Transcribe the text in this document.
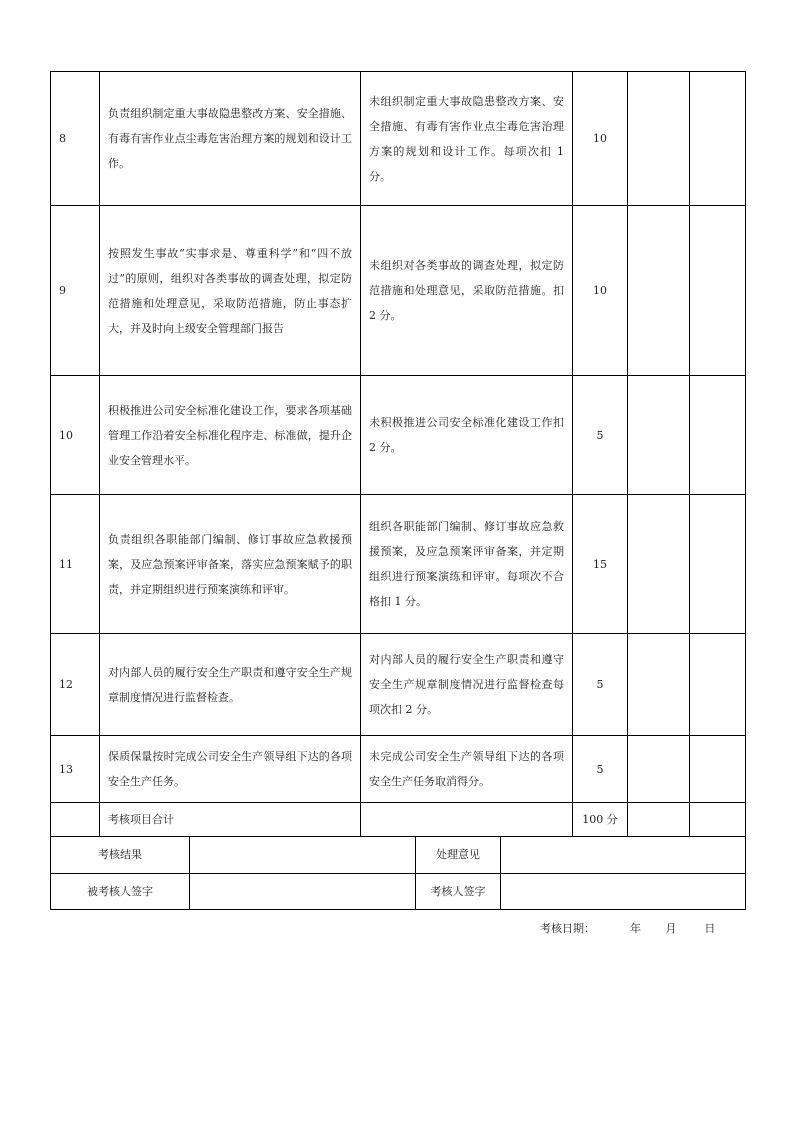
8	负责组织制定重大事故隐患整改方案、安全措施、有毒有害作业点尘毒危害治理方案的规划和设计工作。	未组织制定重大事故隐患整改方案、安全措施、有毒有害作业点尘毒危害治理方案的规划和设计工作。每项次扣 1 分。	10		
9	按照发生事故“实事求是、尊重科学”和“四不放过”的原则，组织对各类事故的调查处理，拟定防范措施和处理意见，采取防范措施，防止事态扩大，并及时向上级安全管理部门报告	未组织对各类事故的调查处理，拟定防范措施和处理意见，采取防范措施。扣 2 分。	10		
10	积极推进公司安全标准化建设工作，要求各项基础管理工作沿着安全标准化程序走、标准做，提升企业安全管理水平。	未积极推进公司安全标准化建设工作扣 2 分。	5		
11	负责组织各职能部门编制、修订事故应急救援预案，及应急预案评审备案，落实应急预案赋予的职责，并定期组织进行预案演练和评审。	组织各职能部门编制、修订事故应急救援预案，及应急预案评审备案，并定期组织进行预案演练和评审。每项次不合格扣 1 分。	15		
12	对内部人员的履行安全生产职责和遵守安全生产规章制度情况进行监督检查。	对内部人员的履行安全生产职责和遵守安全生产规章制度情况进行监督检查每项次扣 2 分。	5		
13	保质保量按时完成公司安全生产领导组下达的各项安全生产任务。	未完成公司安全生产领导组下达的各项安全生产任务取消得分。	5		
	考核项目合计		100 分		
考核结果		处理意见	
被考核人签字		考核人签字	
考核日期：          年       月        日
